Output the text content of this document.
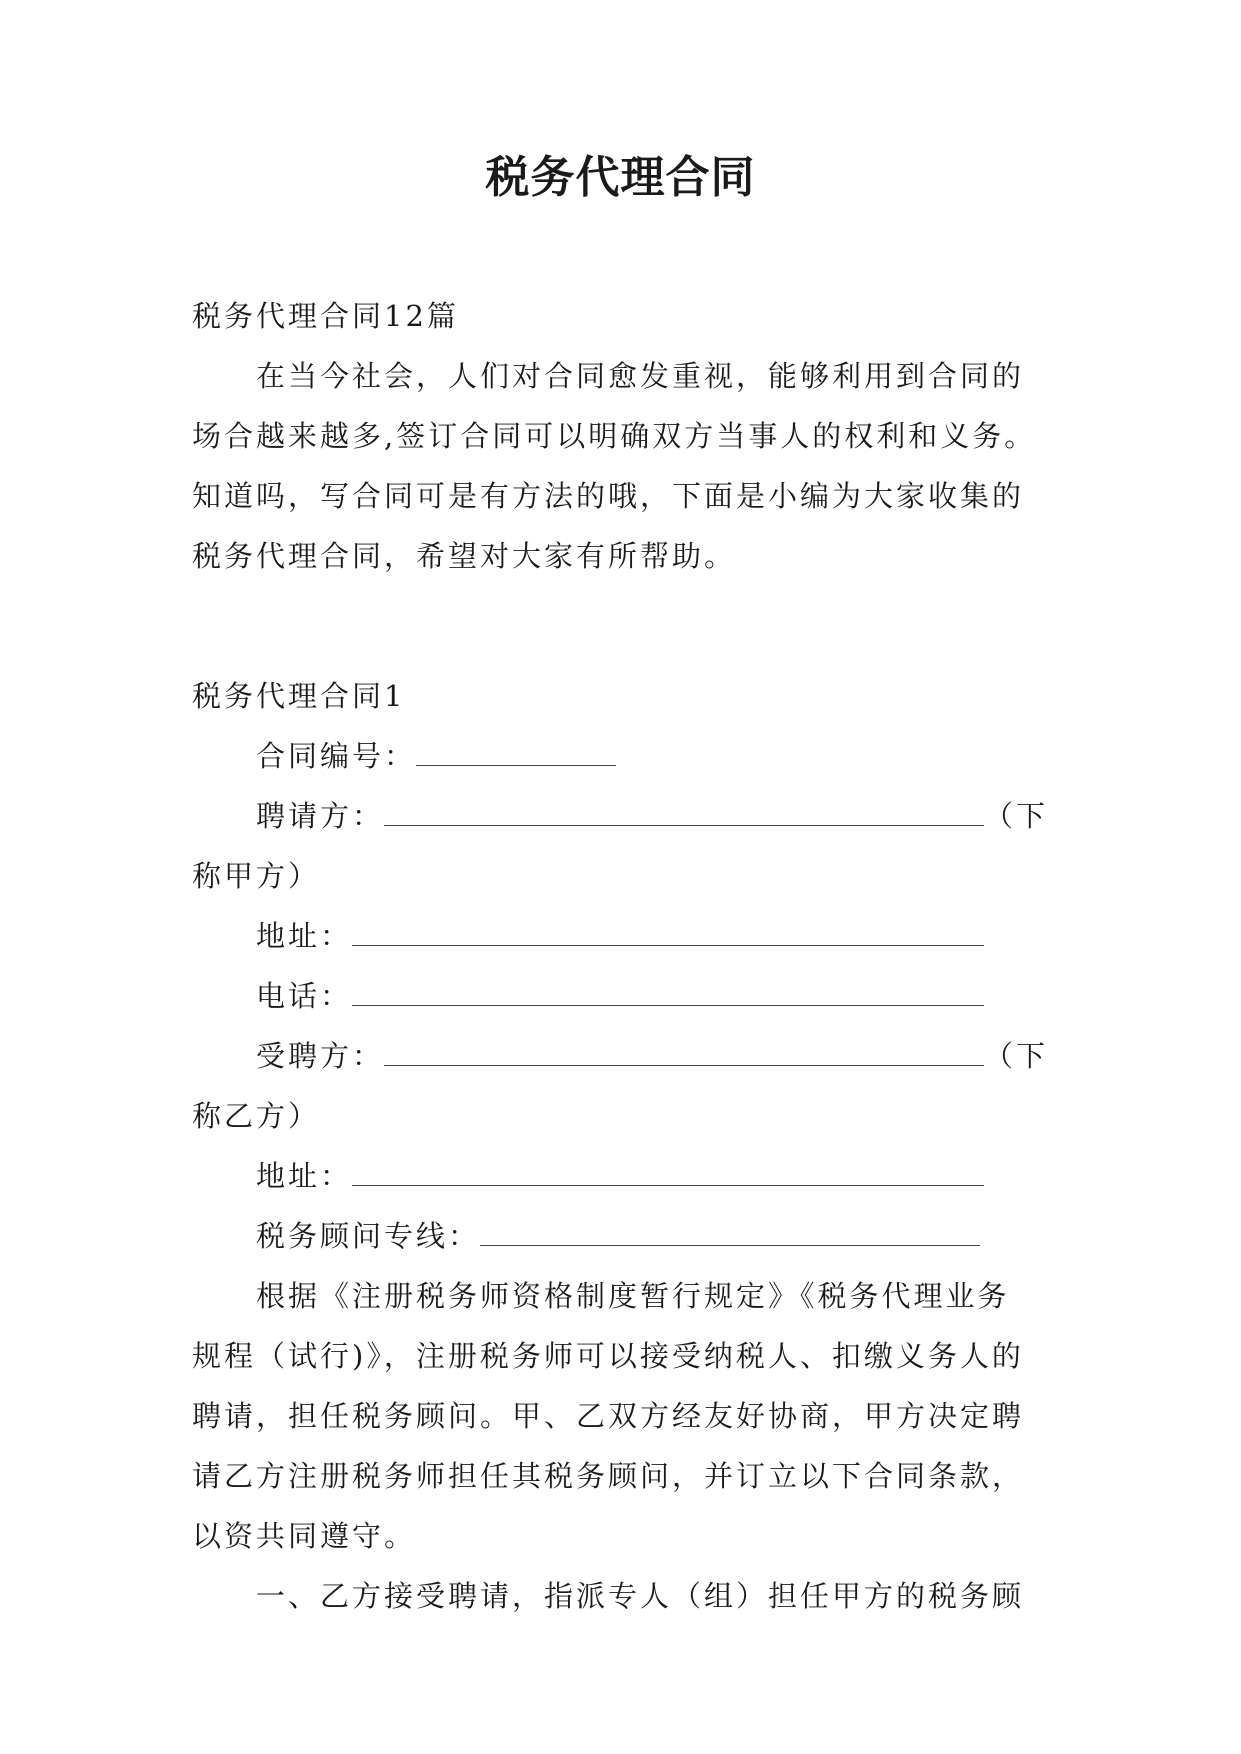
税务代理合同
税务代理合同12篇
在当今社会，人们对合同愈发重视，能够利用到合同的
场合越来越多,签订合同可以明确双方当事人的权利和义务。
知道吗，写合同可是有方法的哦，下面是小编为大家收集的
税务代理合同，希望对大家有所帮助。
税务代理合同1
合同编号：
聘请方：	（下
称甲方）
地址：
电话：
受聘方：	（下
称乙方）
地址：
税务顾问专线：
根据《注册税务师资格制度暂行规定》《税务代理业务
规程（试行)》，注册税务师可以接受纳税人、扣缴义务人的
聘请，担任税务顾问。甲、乙双方经友好协商，甲方决定聘
请乙方注册税务师担任其税务顾问，并订立以下合同条款，
以资共同遵守。
一、乙方接受聘请，指派专人（组）担任甲方的税务顾
